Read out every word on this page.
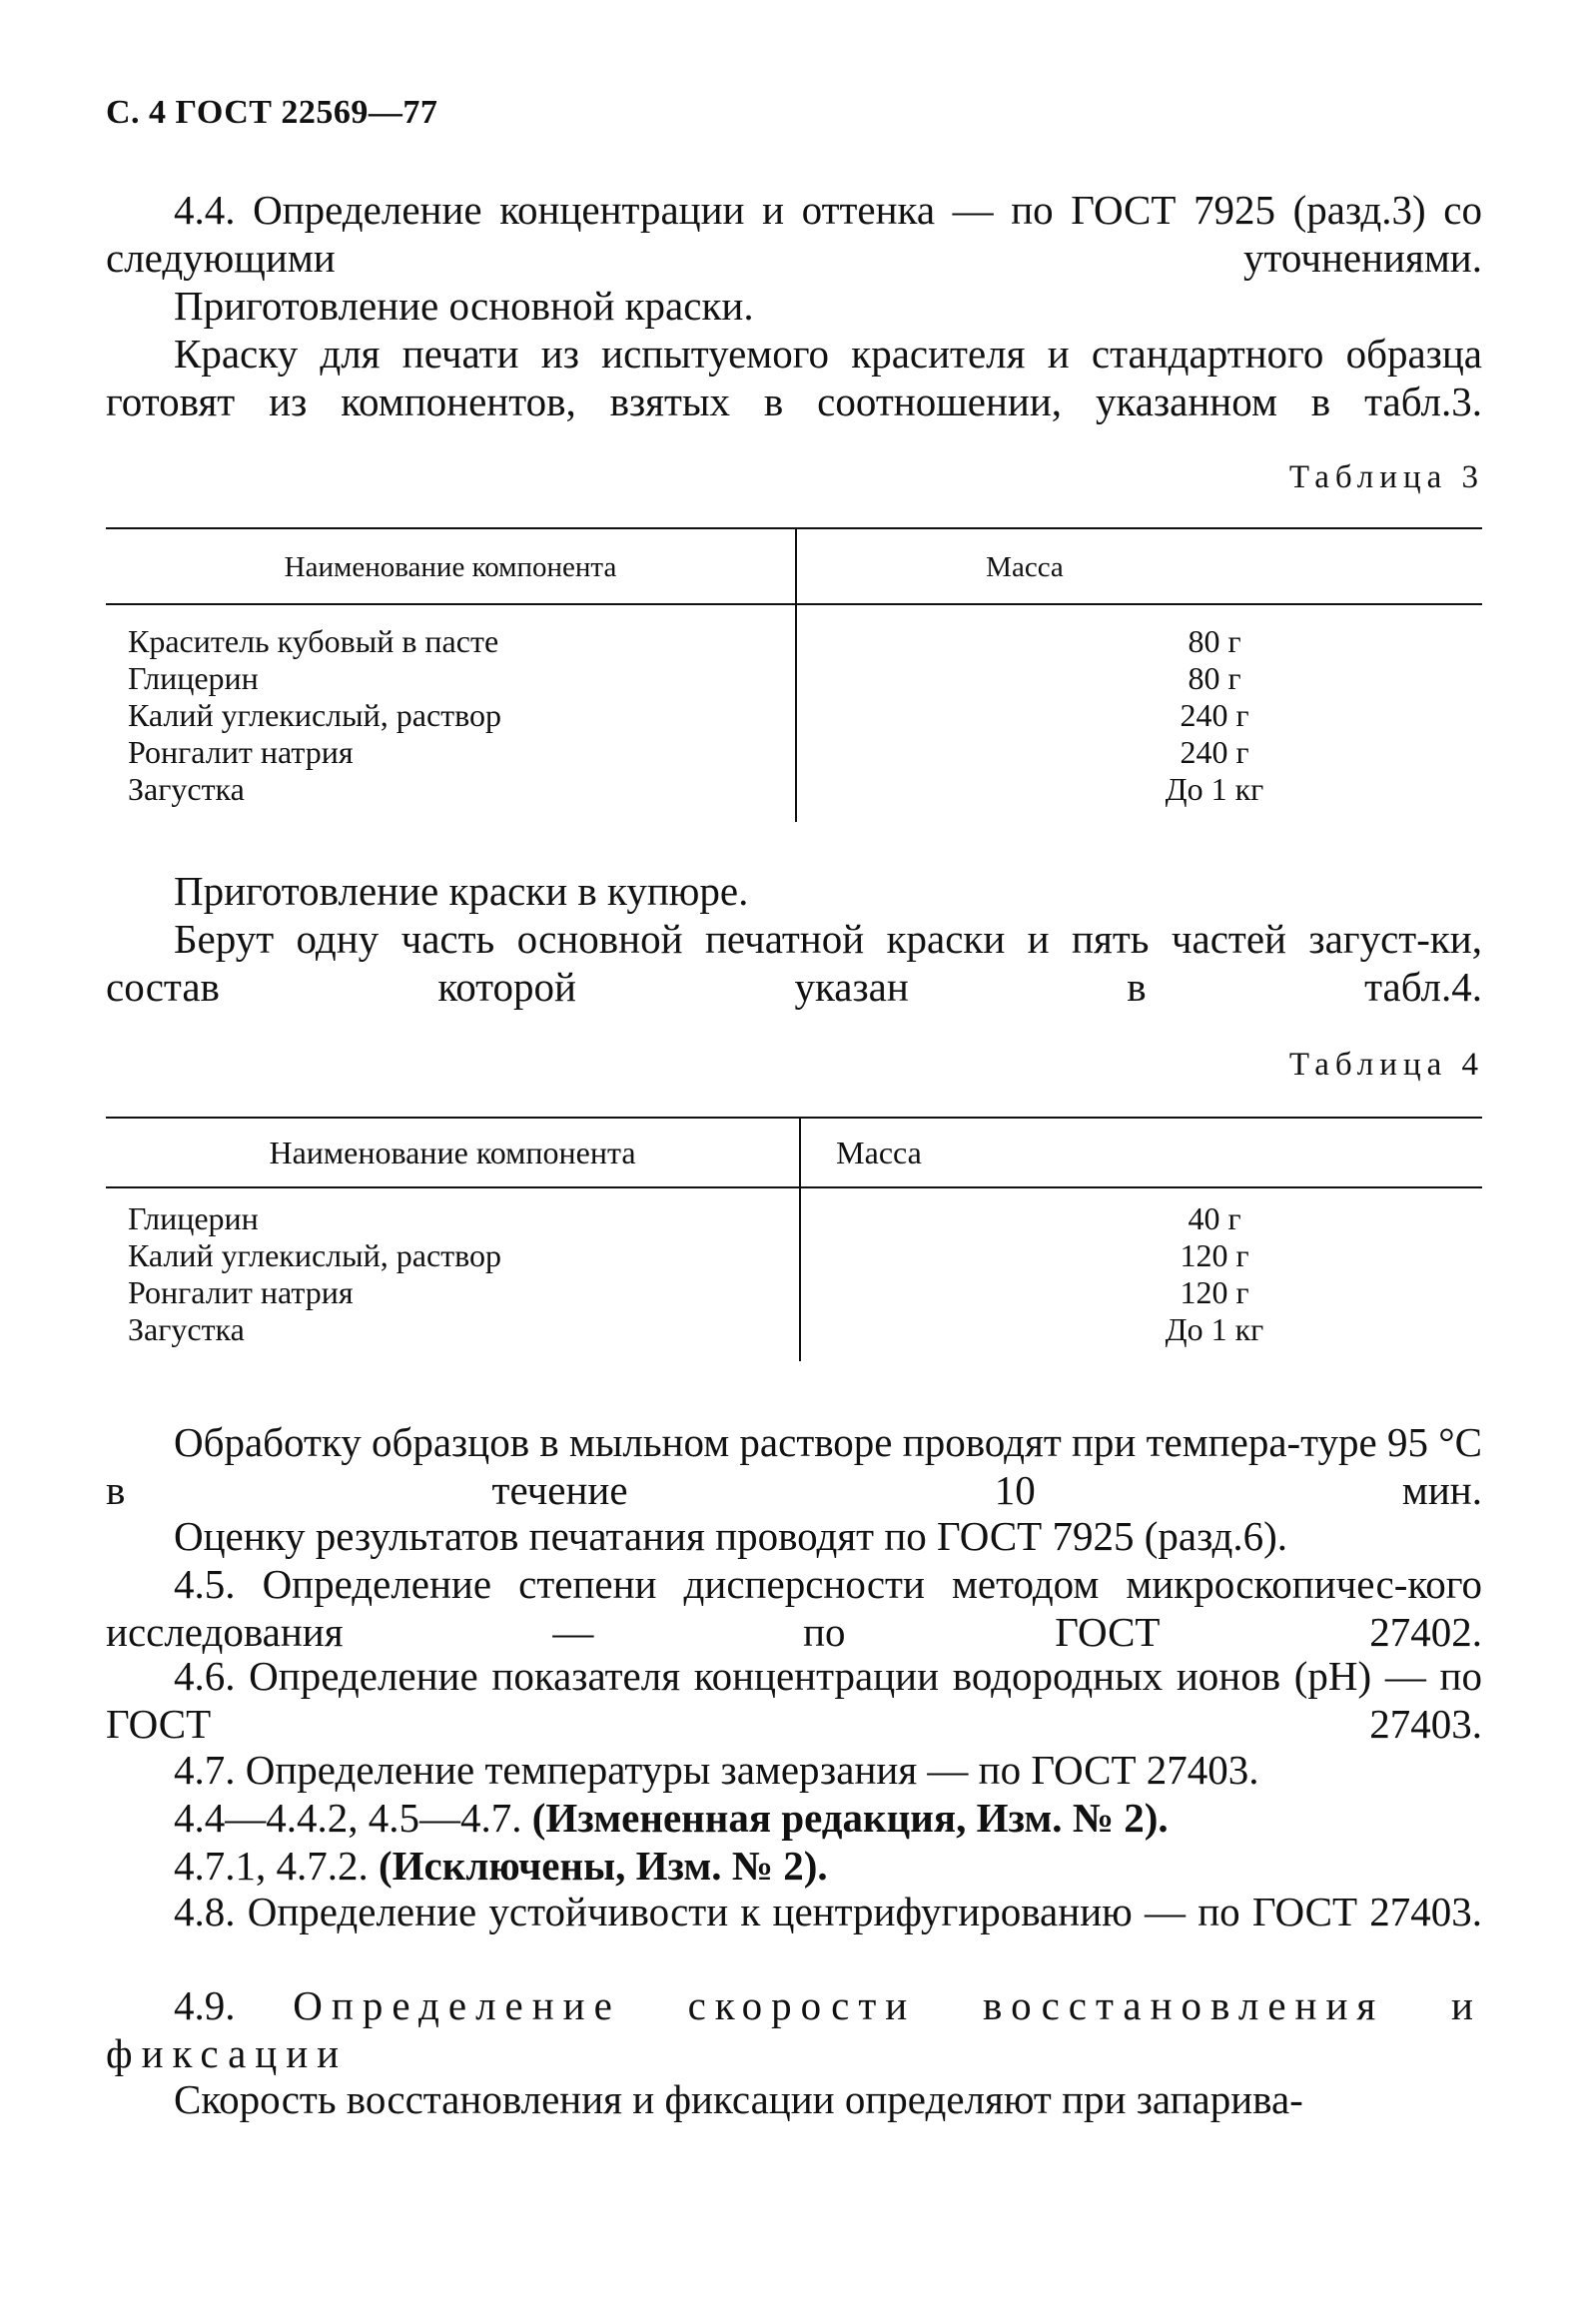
С. 4 ГОСТ 22569—77

4.4. Определение концентрации и оттенка — по ГОСТ 7925 (разд.3) со следующими уточнениями.

Приготовление основной краски.

Краску для печати из испытуемого красителя и стандартного образца готовят из компонентов, взятых в соотношении, указанном в табл.3.

Таблица 3
Наименование компонента	Масса
Краситель кубовый в пасте
Глицерин
Калий углекислый, раствор
Ронгалит натрия
Загустка
80 г
80 г
240 г
240 г
До 1 кг

Приготовление краски в купюре.

Берут одну часть основной печатной краски и пять частей загуст-ки, состав которой указан в табл.4.

Таблица 4
Наименование компонента	Масса
Глицерин
Калий углекислый, раствор
Ронгалит натрия
Загустка
40 г
120 г
120 г
До 1 кг

Обработку образцов в мыльном растворе проводят при темпера-туре 95 °С в течение 10 мин.

Оценку результатов печатания проводят по ГОСТ 7925 (разд.6).

4.5. Определение степени дисперсности методом микроскопичес-кого исследования — по ГОСТ 27402.

4.6. Определение показателя концентрации водородных ионов (рН) — по ГОСТ 27403.

4.7. Определение температуры замерзания — по ГОСТ 27403.

4.4—4.4.2, 4.5—4.7. (Измененная редакция, Изм. № 2).

4.7.1, 4.7.2. (Исключены, Изм. № 2).

4.8. Определение устойчивости к центрифугированию — по ГОСТ 27403.

4.9. Определение скорости восстановления и фиксации

Скорость восстановления и фиксации определяют при запарива-
